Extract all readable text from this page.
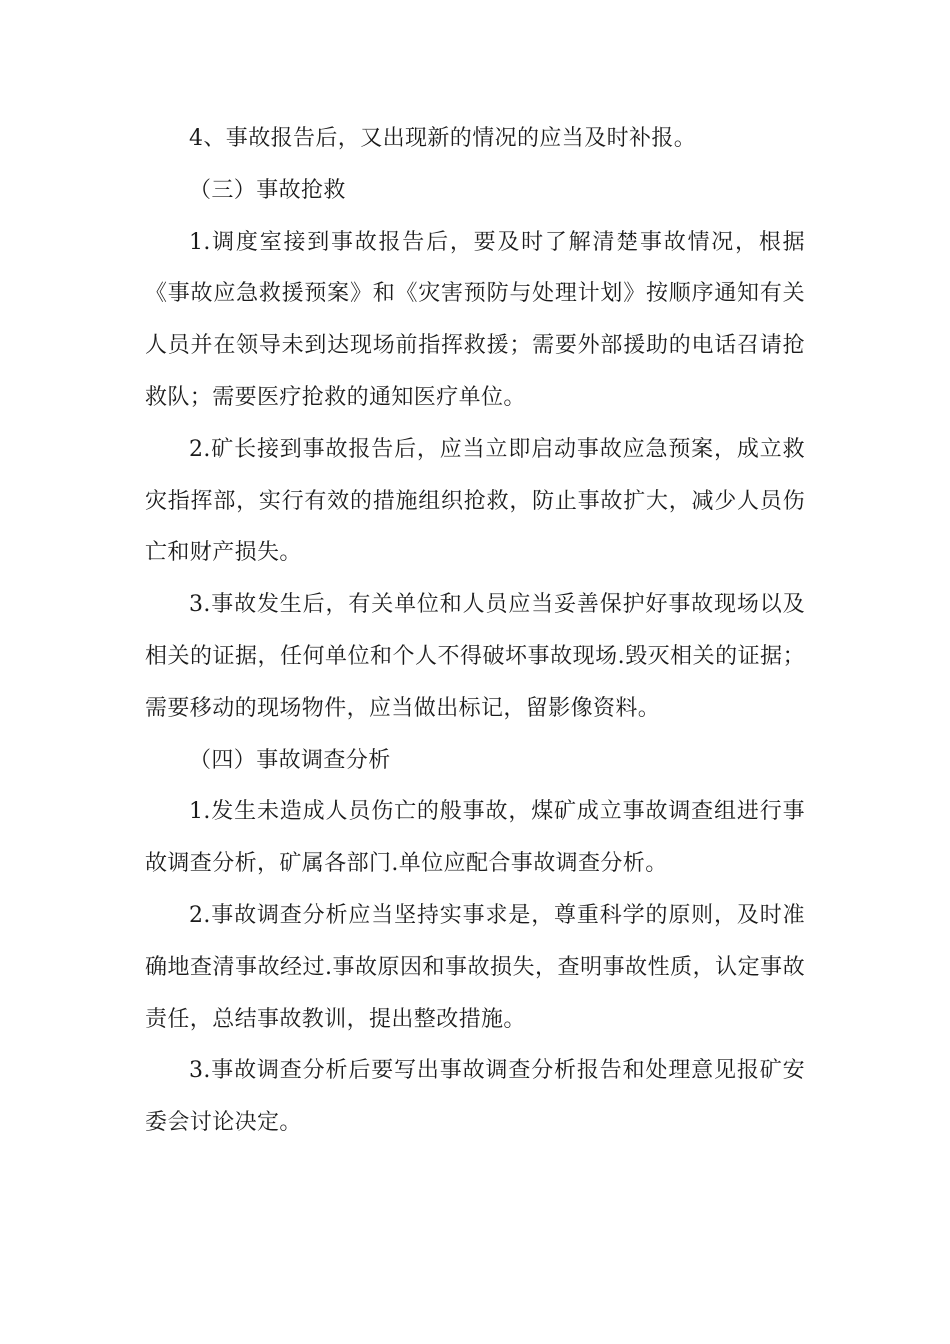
4、事故报告后，又出现新的情况的应当及时补报。

（三）事故抢救

1.调度室接到事故报告后，要及时了解清楚事故情况，根据《事故应急救援预案》和《灾害预防与处理计划》按顺序通知有关人员并在领导未到达现场前指挥救援；需要外部援助的电话召请抢救队；需要医疗抢救的通知医疗单位。

2.矿长接到事故报告后，应当立即启动事故应急预案，成立救灾指挥部，实行有效的措施组织抢救，防止事故扩大，减少人员伤亡和财产损失。

3.事故发生后，有关单位和人员应当妥善保护好事故现场以及相关的证据，任何单位和个人不得破坏事故现场.毁灭相关的证据；需要移动的现场物件，应当做出标记，留影像资料。

（四）事故调查分析

1.发生未造成人员伤亡的般事故，煤矿成立事故调查组进行事故调查分析，矿属各部门.单位应配合事故调查分析。

2.事故调查分析应当坚持实事求是，尊重科学的原则，及时准确地查清事故经过.事故原因和事故损失，查明事故性质，认定事故责任，总结事故教训，提出整改措施。

3.事故调查分析后要写出事故调查分析报告和处理意见报矿安委会讨论决定。
